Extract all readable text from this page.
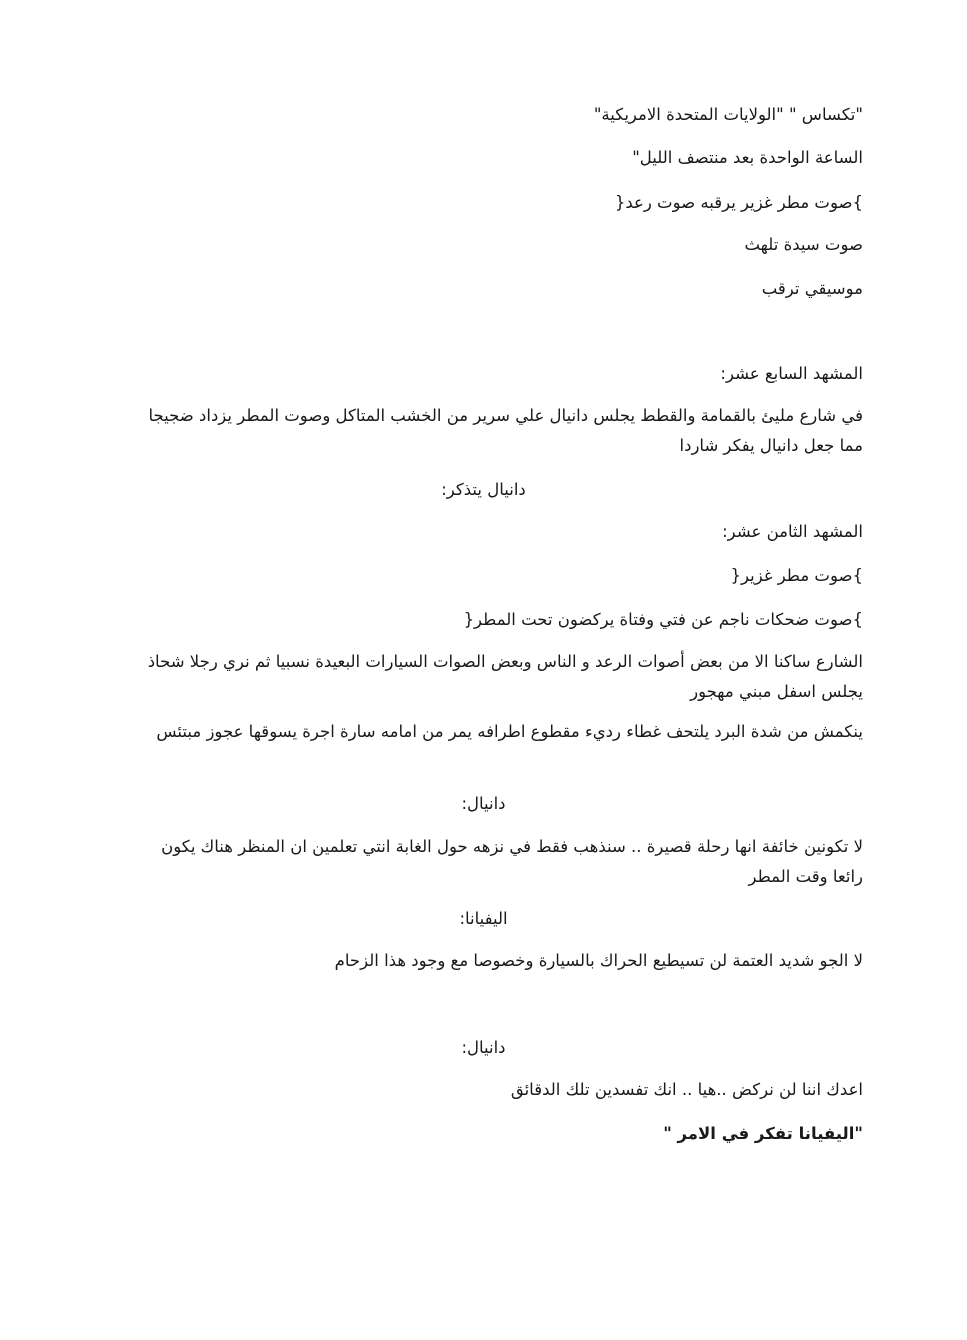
"تكساس " "الولايات المتحدة الامريكية"
الساعة الواحدة بعد منتصف الليل"
}صوت مطر غزير يرقبه صوت رعد{
صوت سيدة تلهث
موسيقي ترقب
المشهد السابع عشر:
في شارع مليئ بالقمامة والقطط يجلس دانيال علي سرير من الخشب المتاكل وصوت المطر يزداد ضجيجا مما جعل دانيال يفكر شاردا
دانيال يتذكر:
المشهد الثامن عشر:
}صوت مطر غزير{
}صوت ضحكات ناجم عن فتي وفتاة يركضون تحت المطر{
الشارع ساكنا الا من بعض أصوات الرعد و الناس وبعض الصوات السيارات البعيدة نسبيا ثم نري رجلا شحاذ يجلس اسفل مبني مهجور
ينكمش من شدة البرد يلتحف غطاء رديء مقطوع اطرافه يمر من امامه سارة اجرة يسوقها عجوز مبتئس
دانيال:
لا تكونين خائفة انها رحلة قصيرة .. سنذهب فقط في نزهه حول الغابة انتي تعلمين ان المنظر هناك يكون رائعا وقت المطر
اليفيانا:
لا الجو شديد العتمة لن تسيطيع الحراك بالسيارة وخصوصا مع وجود هذا الزحام
دانيال:
اعدك اننا لن نركض ..هيا .. انك تفسدين تلك الدقائق
"اليفيانا تفكر في الامر "
